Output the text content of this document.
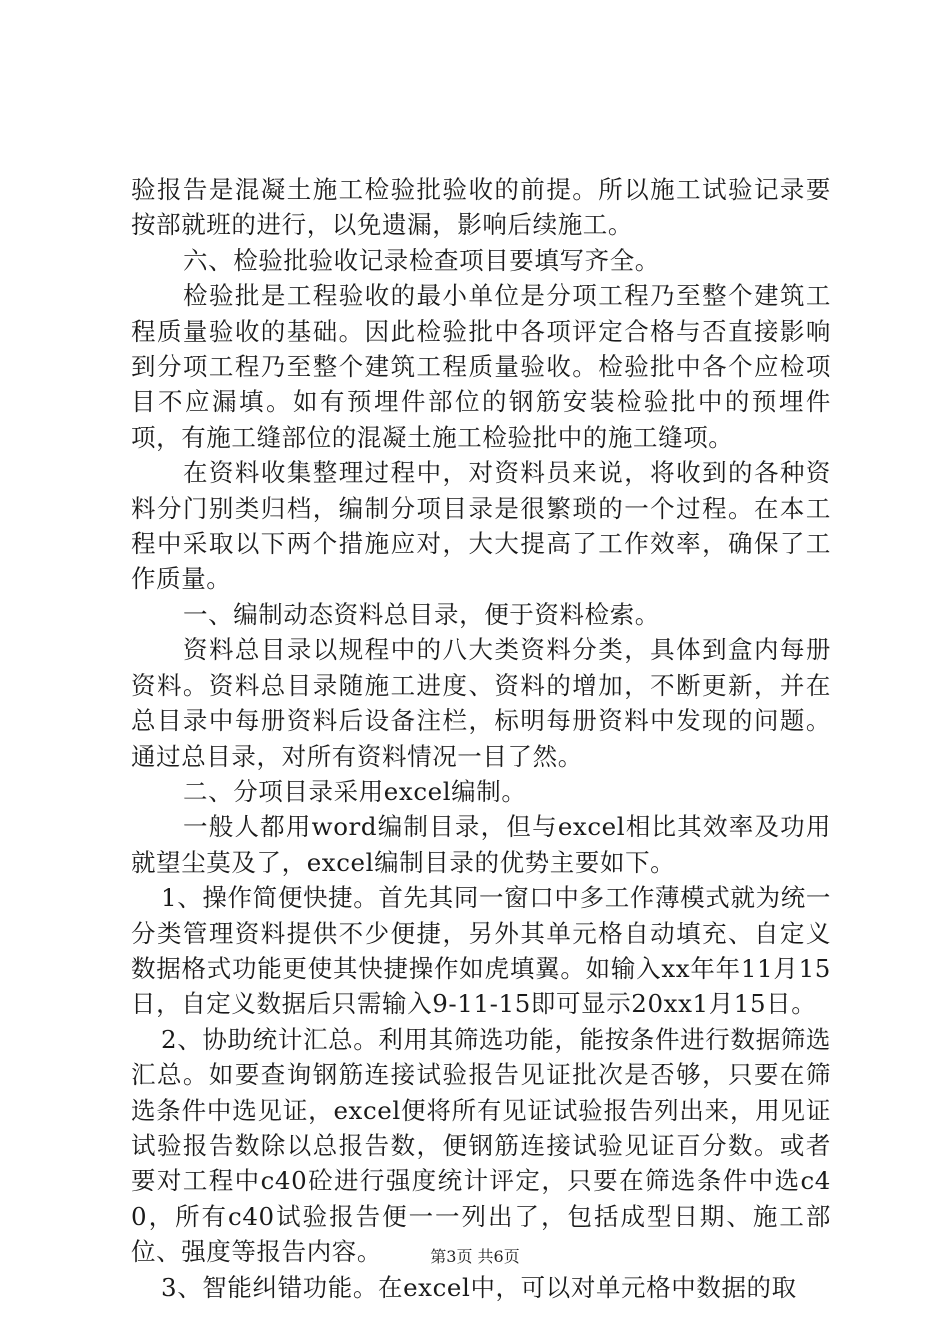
验报告是混凝土施工检验批验收的前提。所以施工试验记录要按部就班的进行，以免遗漏，影响后续施工。

六、检验批验收记录检查项目要填写齐全。

检验批是工程验收的最小单位是分项工程乃至整个建筑工程质量验收的基础。因此检验批中各项评定合格与否直接影响到分项工程乃至整个建筑工程质量验收。检验批中各个应检项目不应漏填。如有预埋件部位的钢筋安装检验批中的预埋件项，有施工缝部位的混凝土施工检验批中的施工缝项。

在资料收集整理过程中，对资料员来说，将收到的各种资料分门别类归档，编制分项目录是很繁琐的一个过程。在本工程中采取以下两个措施应对，大大提高了工作效率，确保了工作质量。

一、编制动态资料总目录，便于资料检索。

资料总目录以规程中的八大类资料分类，具体到盒内每册资料。资料总目录随施工进度、资料的增加，不断更新，并在总目录中每册资料后设备注栏，标明每册资料中发现的问题。通过总目录，对所有资料情况一目了然。

二、分项目录采用excel编制。

一般人都用word编制目录，但与excel相比其效率及功用就望尘莫及了，excel编制目录的优势主要如下。

1、操作简便快捷。首先其同一窗口中多工作薄模式就为统一分类管理资料提供不少便捷，另外其单元格自动填充、自定义数据格式功能更使其快捷操作如虎填翼。如输入xx年年11月15日，自定义数据后只需输入9-11-15即可显示20xx1月15日。

2、协助统计汇总。利用其筛选功能，能按条件进行数据筛选汇总。如要查询钢筋连接试验报告见证批次是否够，只要在筛选条件中选见证，excel便将所有见证试验报告列出来，用见证试验报告数除以总报告数，便钢筋连接试验见证百分数。或者要对工程中c40砼进行强度统计评定，只要在筛选条件中选c40，所有c40试验报告便一一列出了，包括成型日期、施工部位、强度等报告内容。

3、智能纠错功能。在excel中，可以对单元格中数据的取

第3页 共6页
